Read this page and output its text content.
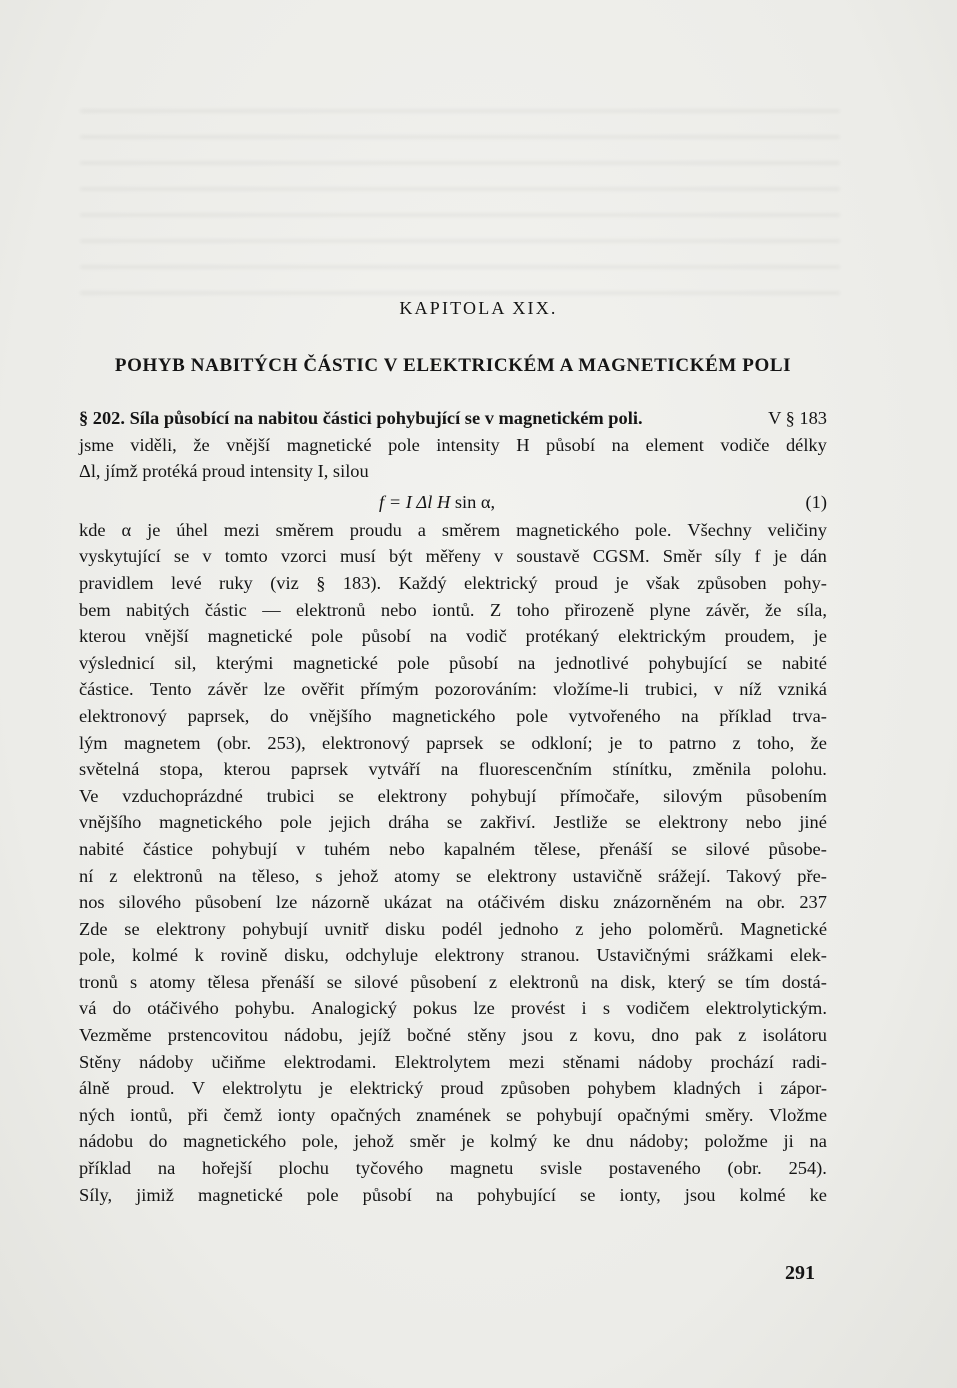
KAPITOLA XIX.
POHYB NABITÝCH ČÁSTIC V ELEKTRICKÉM A MAGNETICKÉM POLI
§ 202. Síla působící na nabitou částici pohybující se v magnetickém poli.	V § 183
jsme viděli, že vnější magnetické pole intensity H působí na element vodiče délky
Δl, jímž protéká proud intensity I, silou
f = I Δl H sin α,	(1)
kde α je úhel mezi směrem proudu a směrem magnetického pole. Všechny veličiny
vyskytující se v tomto vzorci musí být měřeny v soustavě CGSM. Směr síly f je dán
pravidlem levé ruky (viz § 183). Každý elektrický proud je však způsoben pohy-
bem nabitých částic — elektronů nebo iontů. Z toho přirozeně plyne závěr, že síla,
kterou vnější magnetické pole působí na vodič protékaný elektrickým proudem, je
výslednicí sil, kterými magnetické pole působí na jednotlivé pohybující se nabité
částice. Tento závěr lze ověřit přímým pozorováním: vložíme-li trubici, v níž vzniká
elektronový paprsek, do vnějšího magnetického pole vytvořeného na příklad trva-
lým magnetem (obr. 253), elektronový paprsek se odkloní; je to patrno z toho, že
světelná stopa, kterou paprsek vytváří na fluorescenčním stínítku, změnila polohu.
Ve vzduchoprázdné trubici se elektrony pohybují přímočaře, silovým působením
vnějšího magnetického pole jejich dráha se zakřiví. Jestliže se elektrony nebo jiné
nabité částice pohybují v tuhém nebo kapalném tělese, přenáší se silové působe-
ní z elektronů na těleso, s jehož atomy se elektrony ustavičně srážejí. Takový pře-
nos silového působení lze názorně ukázat na otáčivém disku znázorněném na obr. 237
Zde se elektrony pohybují uvnitř disku podél jednoho z jeho poloměrů. Magnetické
pole, kolmé k rovině disku, odchyluje elektrony stranou. Ustavičnými srážkami elek-
tronů s atomy tělesa přenáší se silové působení z elektronů na disk, který se tím dostá-
vá do otáčivého pohybu. Analogický pokus lze provést i s vodičem elektrolytickým.
Vezměme prstencovitou nádobu, jejíž bočné stěny jsou z kovu, dno pak z isolátoru
Stěny nádoby učiňme elektrodami. Elektrolytem mezi stěnami nádoby prochází radi-
álně proud. V elektrolytu je elektrický proud způsoben pohybem kladných i zápor-
ných iontů, při čemž ionty opačných znamének se pohybují opačnými směry. Vložme
nádobu do magnetického pole, jehož směr je kolmý ke dnu nádoby; položme ji na
příklad na hořejší plochu tyčového magnetu svisle postaveného (obr. 254).
Síly, jimiž magnetické pole působí na pohybující se ionty, jsou kolmé ke
291
